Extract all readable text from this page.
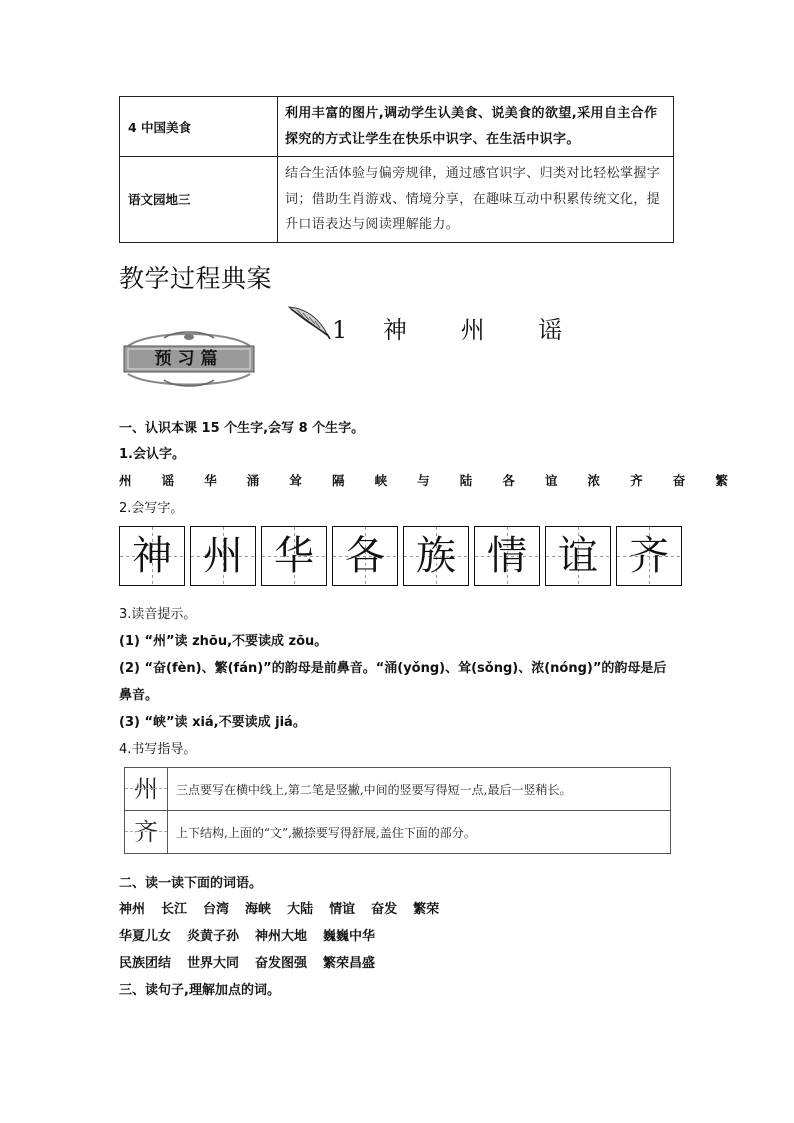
4 中国美食	利用丰富的图片,调动学生认美食、说美食的欲望,采用自主合作探究的方式让学生在快乐中识字、在生活中识字。
语文园地三	结合生活体验与偏旁规律，通过感官识字、归类对比轻松掌握字词；借助生肖游戏、情境分享，在趣味互动中积累传统文化，提升口语表达与阅读理解能力。
教学过程典案
1 神 州 谣
预习篇
一、认识本课 15 个生字,会写 8 个生字。
1.会认字。
州 谣 华 涌 耸 隔 峡 与 陆 各 谊 浓 齐 奋 繁
2.会写字。
神 州 华 各 族 情 谊 齐
3.读音提示。
(1) “州”读 zhōu,不要读成 zōu。
(2) “奋(fèn)、繁(fán)”的韵母是前鼻音。“涌(yǒng)、耸(sǒng)、浓(nóng)”的韵母是后
鼻音。
(3) “峡”读 xiá,不要读成 jiá。
4.书写指导。
州	三点要写在横中线上,第二笔是竖撇,中间的竖要写得短一点,最后一竖稍长。

齐	上下结构,上面的“文”,撇捺要写得舒展,盖住下面的部分。
二、读一读下面的词语。
神州 长江 台湾 海峡 大陆 情谊 奋发 繁荣
华夏儿女 炎黄子孙 神州大地 巍巍中华
民族团结 世界大同 奋发图强 繁荣昌盛
三、读句子,理解加点的词。
